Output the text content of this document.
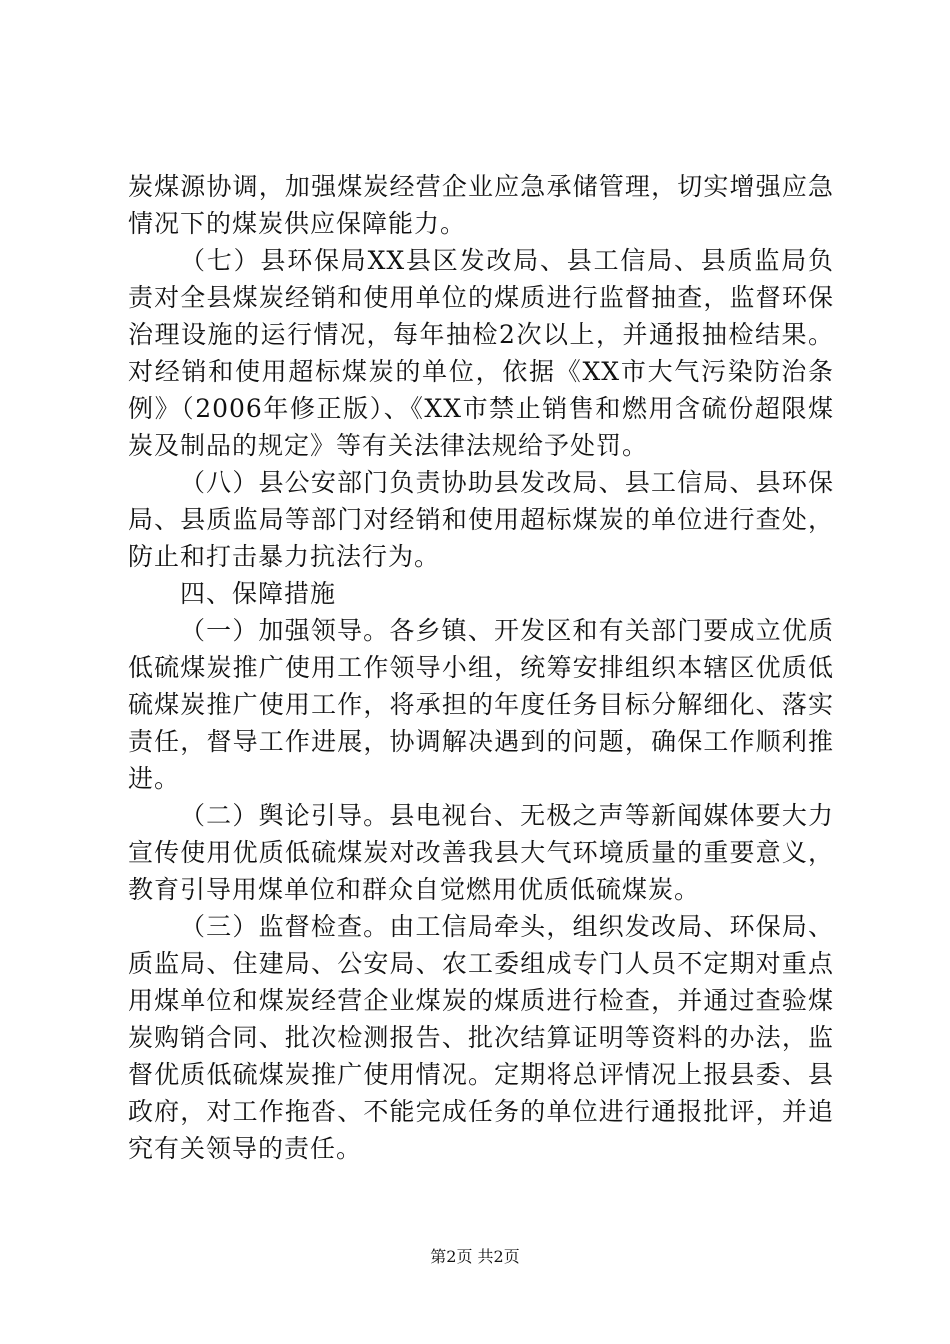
炭煤源协调，加强煤炭经营企业应急承储管理，切实增强应急情况下的煤炭供应保障能力。

（七）县环保局XX县区发改局、县工信局、县质监局负责对全县煤炭经销和使用单位的煤质进行监督抽查，监督环保治理设施的运行情况，每年抽检2次以上，并通报抽检结果。对经销和使用超标煤炭的单位，依据《XX市大气污染防治条例》（2006年修正版）、《XX市禁止销售和燃用含硫份超限煤炭及制品的规定》等有关法律法规给予处罚。

（八）县公安部门负责协助县发改局、县工信局、县环保局、县质监局等部门对经销和使用超标煤炭的单位进行查处，防止和打击暴力抗法行为。

四、保障措施

（一）加强领导。各乡镇、开发区和有关部门要成立优质低硫煤炭推广使用工作领导小组，统筹安排组织本辖区优质低硫煤炭推广使用工作，将承担的年度任务目标分解细化、落实责任，督导工作进展，协调解决遇到的问题，确保工作顺利推进。

（二）舆论引导。县电视台、无极之声等新闻媒体要大力宣传使用优质低硫煤炭对改善我县大气环境质量的重要意义，教育引导用煤单位和群众自觉燃用优质低硫煤炭。

（三）监督检查。由工信局牵头，组织发改局、环保局、质监局、住建局、公安局、农工委组成专门人员不定期对重点用煤单位和煤炭经营企业煤炭的煤质进行检查，并通过查验煤炭购销合同、批次检测报告、批次结算证明等资料的办法，监督优质低硫煤炭推广使用情况。定期将总评情况上报县委、县政府，对工作拖沓、不能完成任务的单位进行通报批评，并追究有关领导的责任。

第2页 共2页
